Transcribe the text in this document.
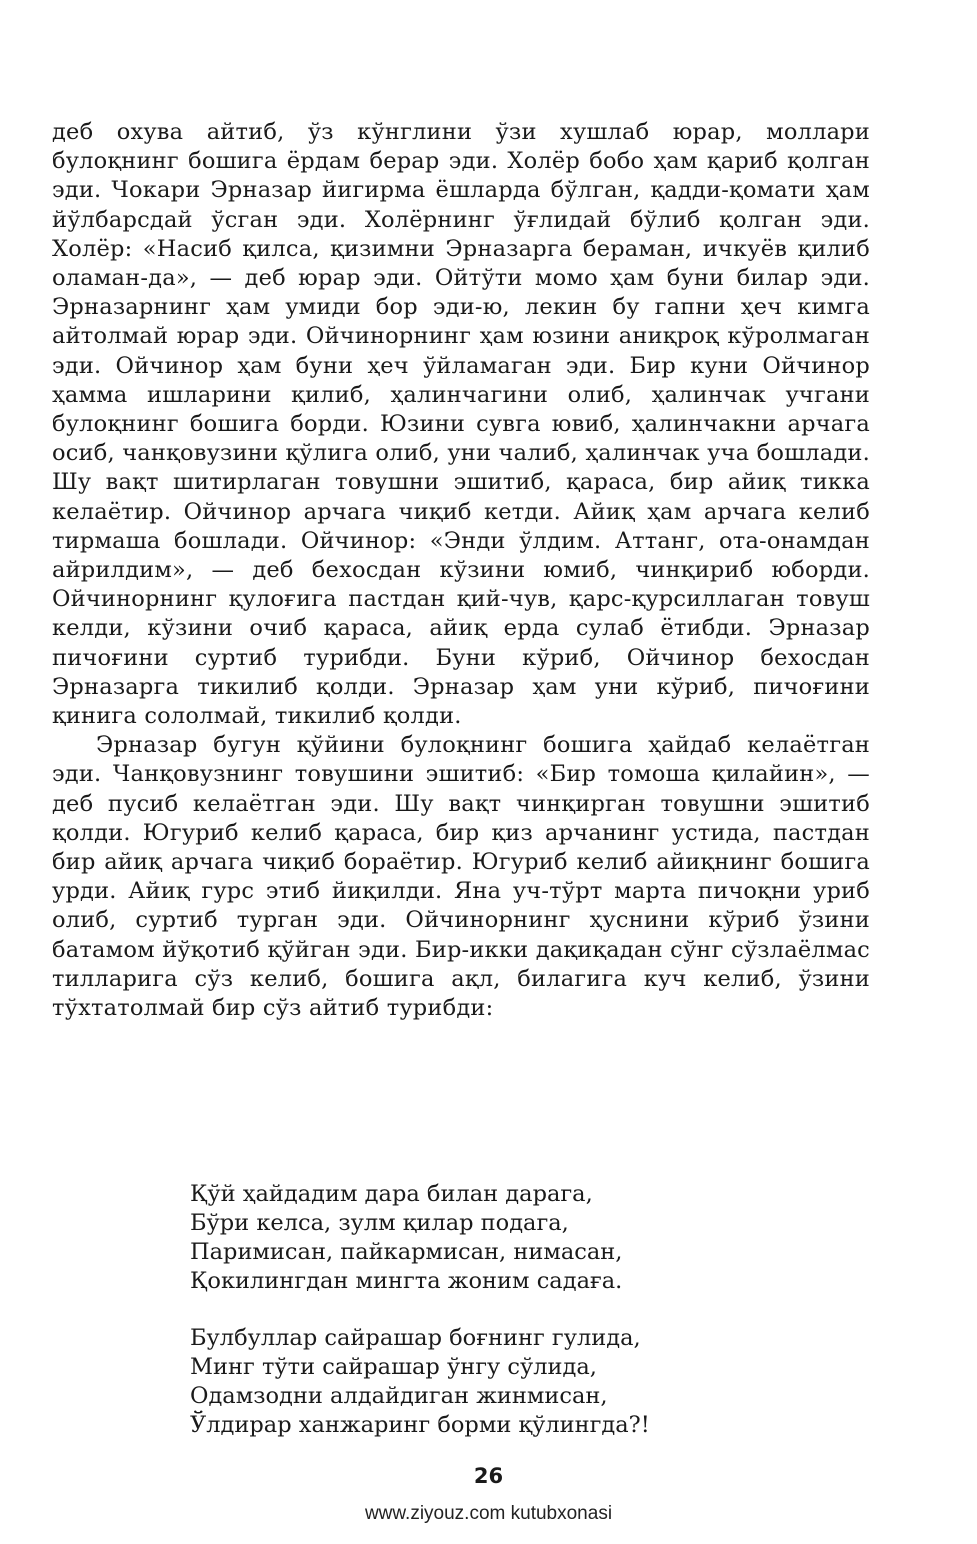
деб охува айтиб, ўз кўнглини ўзи хушлаб юрар, моллари булоқнинг бошига ёрдам берар эди. Холёр бобо ҳам қариб қолган эди. Чокари Эрназар йигирма ёшларда бўлган, қадди-қомати ҳам йўлбарсдай ўсган эди. Холёрнинг ўғлидай бўлиб қолган эди. Холёр: «Насиб қилса, қизимни Эрназарга бераман, ичкуёв қилиб оламан-да», — деб юрар эди. Ойтўти момо ҳам буни билар эди. Эрназарнинг ҳам умиди бор эди-ю, лекин бу гапни ҳеч кимга айтолмай юрар эди. Ойчинорнинг ҳам юзини аниқроқ кўролмаган эди. Ойчинор ҳам буни ҳеч ўйламаган эди. Бир куни Ойчинор ҳамма ишларини қилиб, ҳалинчагини олиб, ҳалинчак учгани булоқнинг бошига борди. Юзини сувга ювиб, ҳалинчакни арчага осиб, чанқовузини қўлига олиб, уни чалиб, ҳалинчак уча бошлади. Шу вақт шитирлаган товушни эшитиб, қараса, бир айиқ тикка келаётир. Ойчинор арчага чиқиб кетди. Айиқ ҳам арчага келиб тирмаша бошлади. Ойчинор: «Энди ўлдим. Аттанг, ота-онамдан айрилдим», — деб бехосдан кўзини юмиб, чинқириб юборди. Ойчинорнинг қулоғига пастдан қий-чув, қарс-қурсиллаган товуш келди, кўзини очиб қараса, айиқ ерда сулаб ётибди. Эрназар пичоғини суртиб турибди. Буни кўриб, Ойчинор бехосдан Эрназарга тикилиб қолди. Эрназар ҳам уни кўриб, пичоғини қинига сололмай, тикилиб қолди.

Эрназар бугун қўйини булоқнинг бошига ҳайдаб келаётган эди. Чанқовузнинг товушини эшитиб: «Бир томоша қилайин», — деб пусиб келаётган эди. Шу вақт чинқирган товушни эшитиб қолди. Югуриб келиб қараса, бир қиз арчанинг устида, пастдан бир айиқ арчага чиқиб бораётир. Югуриб келиб айиқнинг бошига урди. Айиқ гурс этиб йиқилди. Яна уч-тўрт марта пичоқни уриб олиб, суртиб турган эди. Ойчинорнинг ҳуснини кўриб ўзини батамом йўқотиб қўйган эди. Бир-икки дақиқадан сўнг сўзлаёлмас тилларига сўз келиб, бошига ақл, билагига куч келиб, ўзини тўхтатолмай бир сўз айтиб турибди:

Қўй ҳайдадим дара билан дарага,
Бўри келса, зулм қилар подага,
Паримисан, пайкармисан, нимасан,
Қокилингдан мингта жоним садаға.
Булбуллар сайрашар боғнинг гулида,
Минг тўти сайрашар ўнгу сўлида,
Одамзодни алдайдиган жинмисан,
Ўлдирар ханжаринг борми қўлингда?!
26
www.ziyouz.com kutubxonasi
